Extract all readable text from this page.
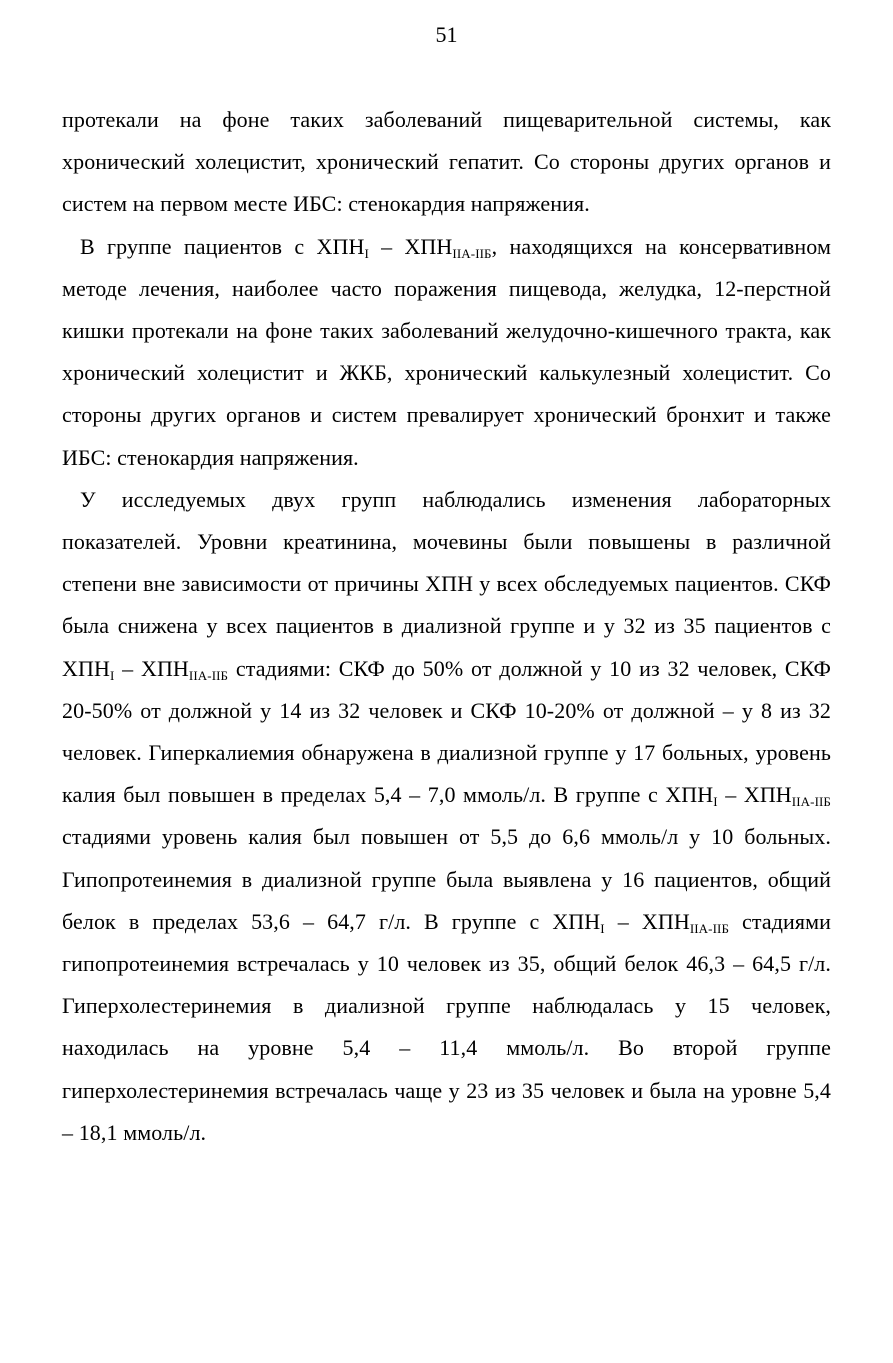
51

протекали на фоне таких заболеваний пищеварительной системы, как хронический холецистит, хронический гепатит. Со стороны других органов и систем на первом месте ИБС: стенокардия напряжения.

В группе пациентов с $ХПН_I - ХПН_{IIА-IIБ}$, находящихся на консервативном методе лечения, наиболее часто поражения пищевода, желудка, 12-перстной кишки протекали на фоне таких заболеваний желудочно-кишечного тракта, как хронический холецистит и ЖКБ, хронический калькулезный холецистит. Со стороны других органов и систем превалирует хронический бронхит и также ИБС: стенокардия напряжения.

У исследуемых двух групп наблюдались изменения лабораторных показателей. Уровни креатинина, мочевины были повышены в различной степени вне зависимости от причины ХПН у всех обследуемых пациентов. СКФ была снижена у всех пациентов в диализной группе и у 32 из 35 пациентов с $ХПН_I - ХПН_{IIА-IIБ}$ стадиями: СКФ до 50% от должной у 10 из 32 человек, СКФ 20-50% от должной у 14 из 32 человек и СКФ 10-20% от должной – у 8 из 32 человек. Гиперкалиемия обнаружена в диализной группе у 17 больных, уровень калия был повышен в пределах 5,4 – 7,0 ммоль/л. В группе с $ХПН_I - ХПН_{IIА-IIБ}$ стадиями уровень калия был повышен от 5,5 до 6,6 ммоль/л у 10 больных. Гипопротеинемия в диализной группе была выявлена у 16 пациентов, общий белок в пределах 53,6 – 64,7 г/л. В группе с $ХПН_I - ХПН_{IIА-IIБ}$ стадиями гипопротеинемия встречалась у 10 человек из 35, общий белок 46,3 – 64,5 г/л. Гиперхолестеринемия в диализной группе наблюдалась у 15 человек, находилась на уровне 5,4 – 11,4 ммоль/л. Во второй группе гиперхолестеринемия встречалась чаще у 23 из 35 человек и была на уровне 5,4 – 18,1 ммоль/л.
